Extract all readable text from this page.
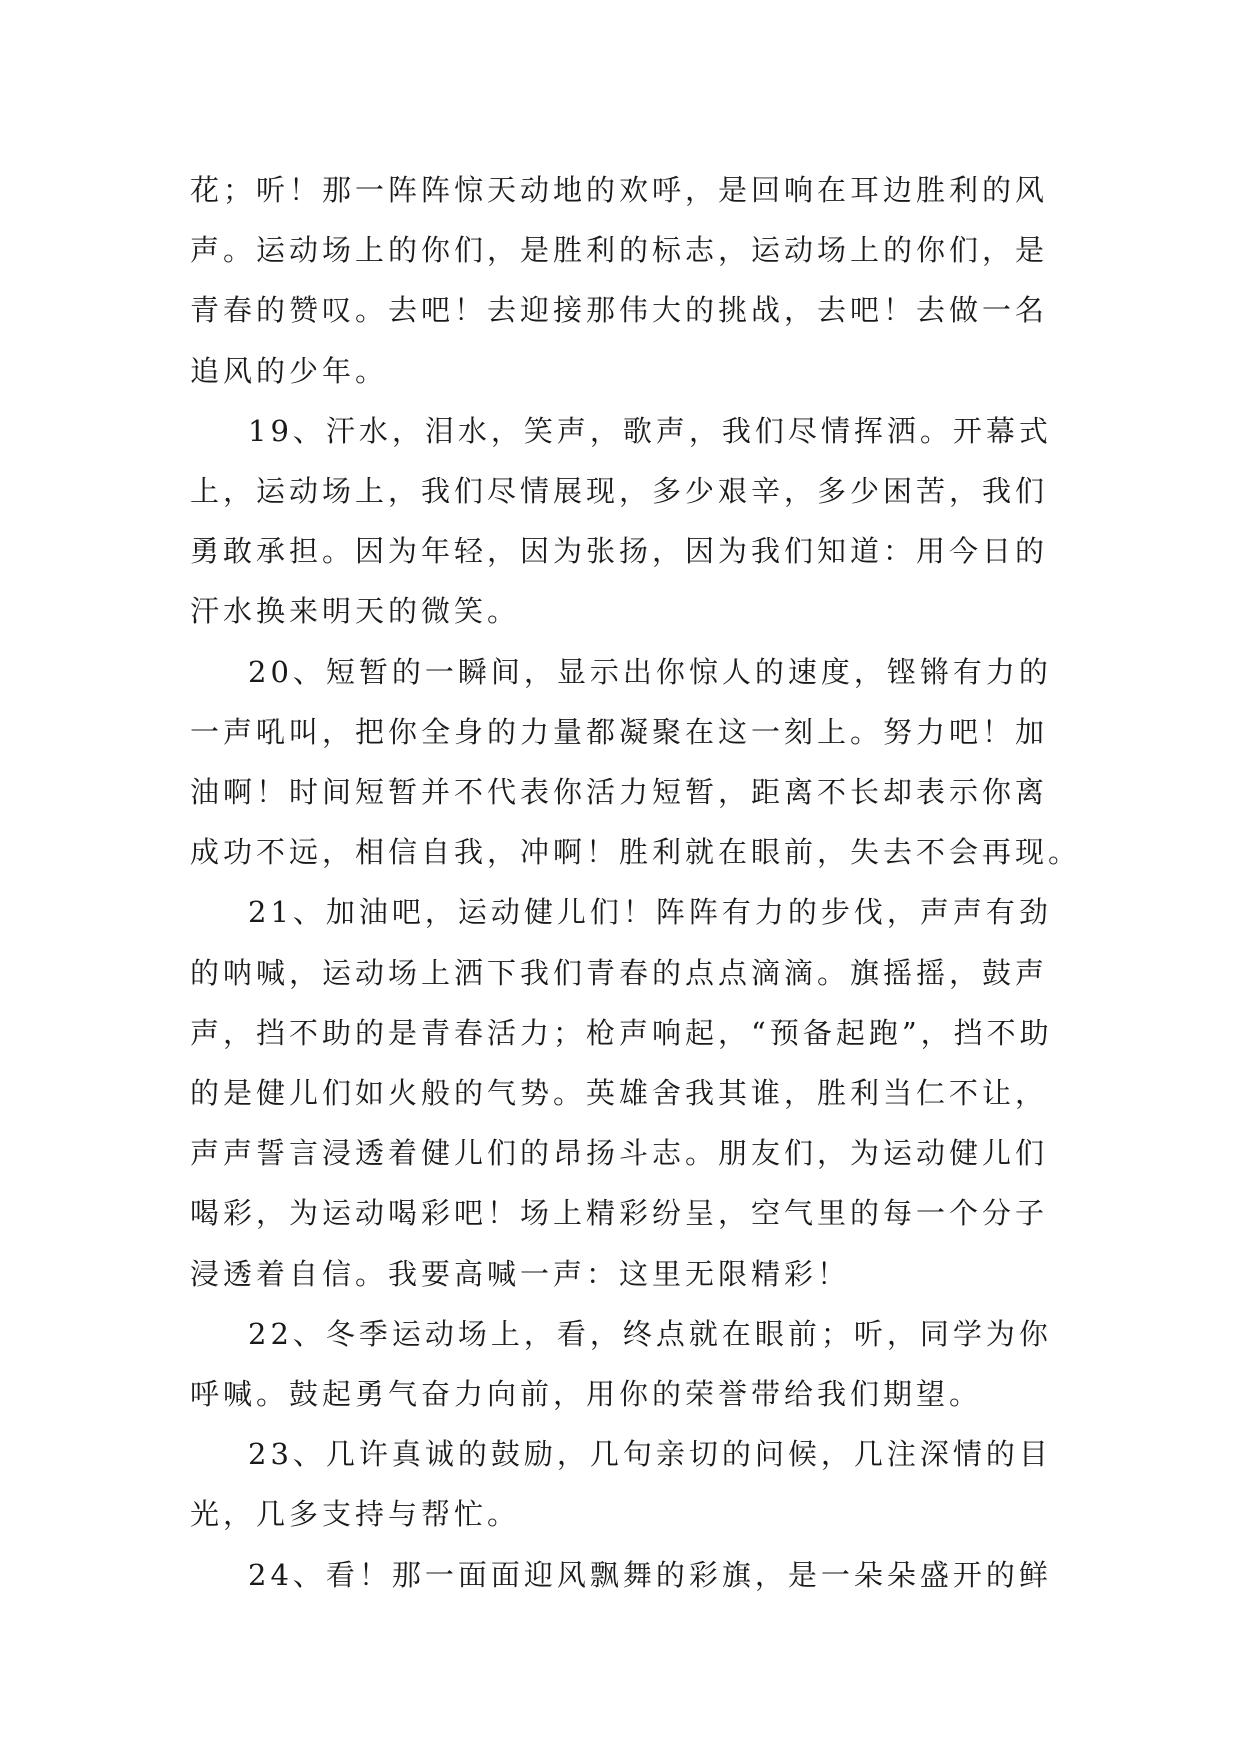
花；听！那一阵阵惊天动地的欢呼，是回响在耳边胜利的风
声。运动场上的你们，是胜利的标志，运动场上的你们，是
青春的赞叹。去吧！去迎接那伟大的挑战，去吧！去做一名
追风的少年。

19、汗水，泪水，笑声，歌声，我们尽情挥洒。开幕式
上，运动场上，我们尽情展现，多少艰辛，多少困苦，我们
勇敢承担。因为年轻，因为张扬，因为我们知道：用今日的
汗水换来明天的微笑。

20、短暂的一瞬间，显示出你惊人的速度，铿锵有力的
一声吼叫，把你全身的力量都凝聚在这一刻上。努力吧！加
油啊！时间短暂并不代表你活力短暂，距离不长却表示你离
成功不远，相信自我，冲啊！胜利就在眼前，失去不会再现。

21、加油吧，运动健儿们！阵阵有力的步伐，声声有劲
的呐喊，运动场上洒下我们青春的点点滴滴。旗摇摇，鼓声
声，挡不助的是青春活力；枪声响起，“预备起跑”，挡不助
的是健儿们如火般的气势。英雄舍我其谁，胜利当仁不让，
声声誓言浸透着健儿们的昂扬斗志。朋友们，为运动健儿们
喝彩，为运动喝彩吧！场上精彩纷呈，空气里的每一个分子
浸透着自信。我要高喊一声：这里无限精彩！

22、冬季运动场上，看，终点就在眼前；听，同学为你
呼喊。鼓起勇气奋力向前，用你的荣誉带给我们期望。

23、几许真诚的鼓励，几句亲切的问候，几注深情的目
光，几多支持与帮忙。

24、看！那一面面迎风飘舞的彩旗，是一朵朵盛开的鲜
